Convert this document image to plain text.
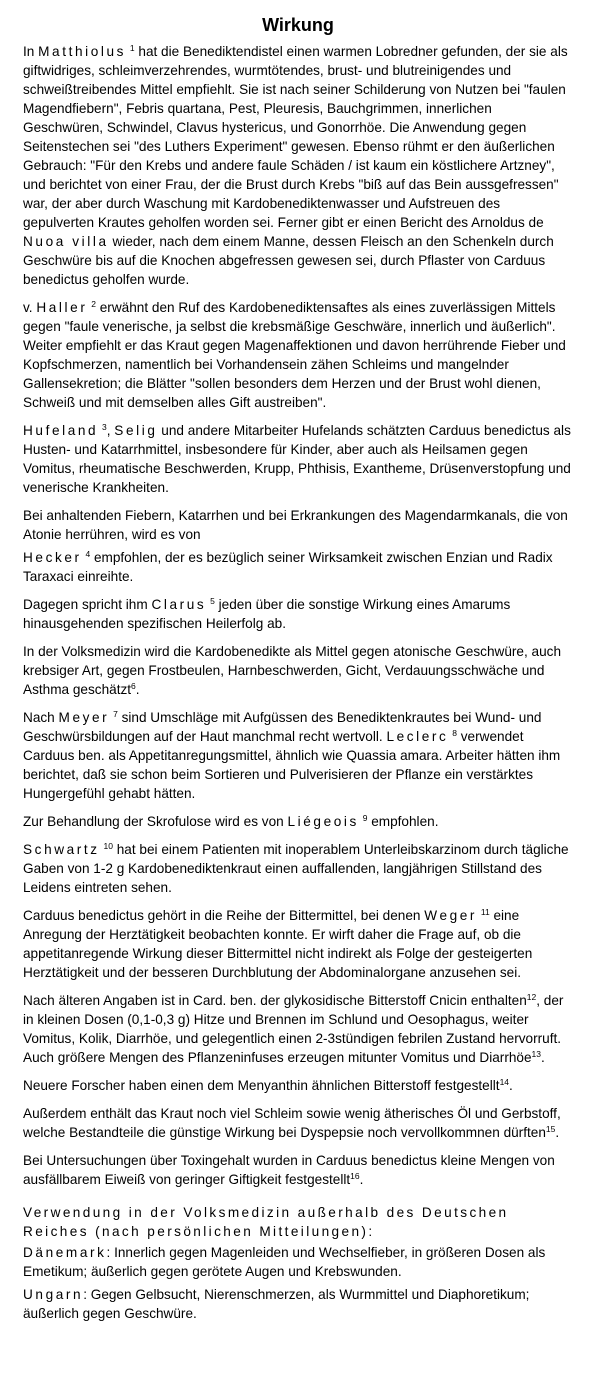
Wirkung

In Matthiolus $^1$ hat die Benediktendistel einen warmen Lobredner gefunden, der sie als giftwidriges, schleimverzehrendes, wurmtötendes, brust- und blutreinigendes und schweißtreibendes Mittel empfiehlt. Sie ist nach seiner Schilderung von Nutzen bei "faulen Magendfiebern", Febris quartana, Pest, Pleuresis, Bauchgrimmen, innerlichen Geschwüren, Schwindel, Clavus hystericus, und Gonorrhöe. Die Anwendung gegen Seitenstechen sei "des Luthers Experiment" gewesen. Ebenso rühmt er den äußerlichen Gebrauch: "Für den Krebs und andere faule Schäden / ist kaum ein köstlichere Artzney", und berichtet von einer Frau, der die Brust durch Krebs "biß auf das Bein aussgefressen" war, der aber durch Waschung mit Kardobenediktenwasser und Aufstreuen des gepulverten Krautes geholfen worden sei. Ferner gibt er einen Bericht des Arnoldus de Nuoa villa wieder, nach dem einem Manne, dessen Fleisch an den Schenkeln durch Geschwüre bis auf die Knochen abgefressen gewesen sei, durch Pflaster von Carduus benedictus geholfen wurde.

v. Haller $^2$ erwähnt den Ruf des Kardobenediktensaftes als eines zuverlässigen Mittels gegen "faule venerische, ja selbst die krebsmäßige Geschwäre, innerlich und äußerlich". Weiter empfiehlt er das Kraut gegen Magenaffektionen und davon herrührende Fieber und Kopfschmerzen, namentlich bei Vorhandensein zähen Schleims und mangelnder Gallensekretion; die Blätter "sollen besonders dem Herzen und der Brust wohl dienen, Schweiß und mit demselben alles Gift austreiben".

Hufeland $^3$, Selig und andere Mitarbeiter Hufelands schätzten Carduus benedictus als Husten- und Katarrhmittel, insbesondere für Kinder, aber auch als Heilsamen gegen Vomitus, rheumatische Beschwerden, Krupp, Phthisis, Exantheme, Drüsenverstopfung und venerische Krankheiten.

Bei anhaltenden Fiebern, Katarrhen und bei Erkrankungen des Magendarmkanals, die von Atonie herrühren, wird es von

Hecker $^4$ empfohlen, der es bezüglich seiner Wirksamkeit zwischen Enzian und Radix Taraxaci einreihte.

Dagegen spricht ihm Clarus $^5$ jeden über die sonstige Wirkung eines Amarums hinausgehenden spezifischen Heilerfolg ab.

In der Volksmedizin wird die Kardobenedikte als Mittel gegen atonische Geschwüre, auch krebsiger Art, gegen Frostbeulen, Harnbeschwerden, Gicht, Verdauungsschwäche und Asthma geschätzt$^6$.

Nach Meyer $^7$ sind Umschläge mit Aufgüssen des Benediktenkrautes bei Wund- und Geschwürsbildungen auf der Haut manchmal recht wertvoll. Leclerc $^8$ verwendet Carduus ben. als Appetitanregungsmittel, ähnlich wie Quassia amara. Arbeiter hätten ihm berichtet, daß sie schon beim Sortieren und Pulverisieren der Pflanze ein verstärktes Hungergefühl gehabt hätten.

Zur Behandlung der Skrofulose wird es von Liégeois $^9$ empfohlen.

Schwartz $^{10}$ hat bei einem Patienten mit inoperablem Unterleibskarzinom durch tägliche Gaben von 1-2 g Kardobenediktenkraut einen auffallenden, langjährigen Stillstand des Leidens eintreten sehen.

Carduus benedictus gehört in die Reihe der Bittermittel, bei denen Weger $^{11}$ eine Anregung der Herztätigkeit beobachten konnte. Er wirft daher die Frage auf, ob die appetitanregende Wirkung dieser Bittermittel nicht indirekt als Folge der gesteigerten Herztätigkeit und der besseren Durchblutung der Abdominalorgane anzusehen sei.

Nach älteren Angaben ist in Card. ben. der glykosidische Bitterstoff Cnicin enthalten$^{12}$, der in kleinen Dosen (0,1-0,3 g) Hitze und Brennen im Schlund und Oesophagus, weiter Vomitus, Kolik, Diarrhöe, und gelegentlich einen 2-3stündigen febrilen Zustand hervorruft. Auch größere Mengen des Pflanzeninfuses erzeugen mitunter Vomitus und Diarrhöe$^{13}$.

Neuere Forscher haben einen dem Menyanthin ähnlichen Bitterstoff festgestellt$^{14}$.

Außerdem enthält das Kraut noch viel Schleim sowie wenig ätherisches Öl und Gerbstoff, welche Bestandteile die günstige Wirkung bei Dyspepsie noch vervollkommnen dürften$^{15}$.

Bei Untersuchungen über Toxingehalt wurden in Carduus benedictus kleine Mengen von ausfällbarem Eiweiß von geringer Giftigkeit festgestellt$^{16}$.

Verwendung in der Volksmedizin außerhalb des Deutschen Reiches (nach persönlichen Mitteilungen):

Dänemark: Innerlich gegen Magenleiden und Wechselfieber, in größeren Dosen als Emetikum; äußerlich gegen gerötete Augen und Krebswunden.

Ungarn: Gegen Gelbsucht, Nierenschmerzen, als Wurmmittel und Diaphoretikum; äußerlich gegen Geschwüre.
